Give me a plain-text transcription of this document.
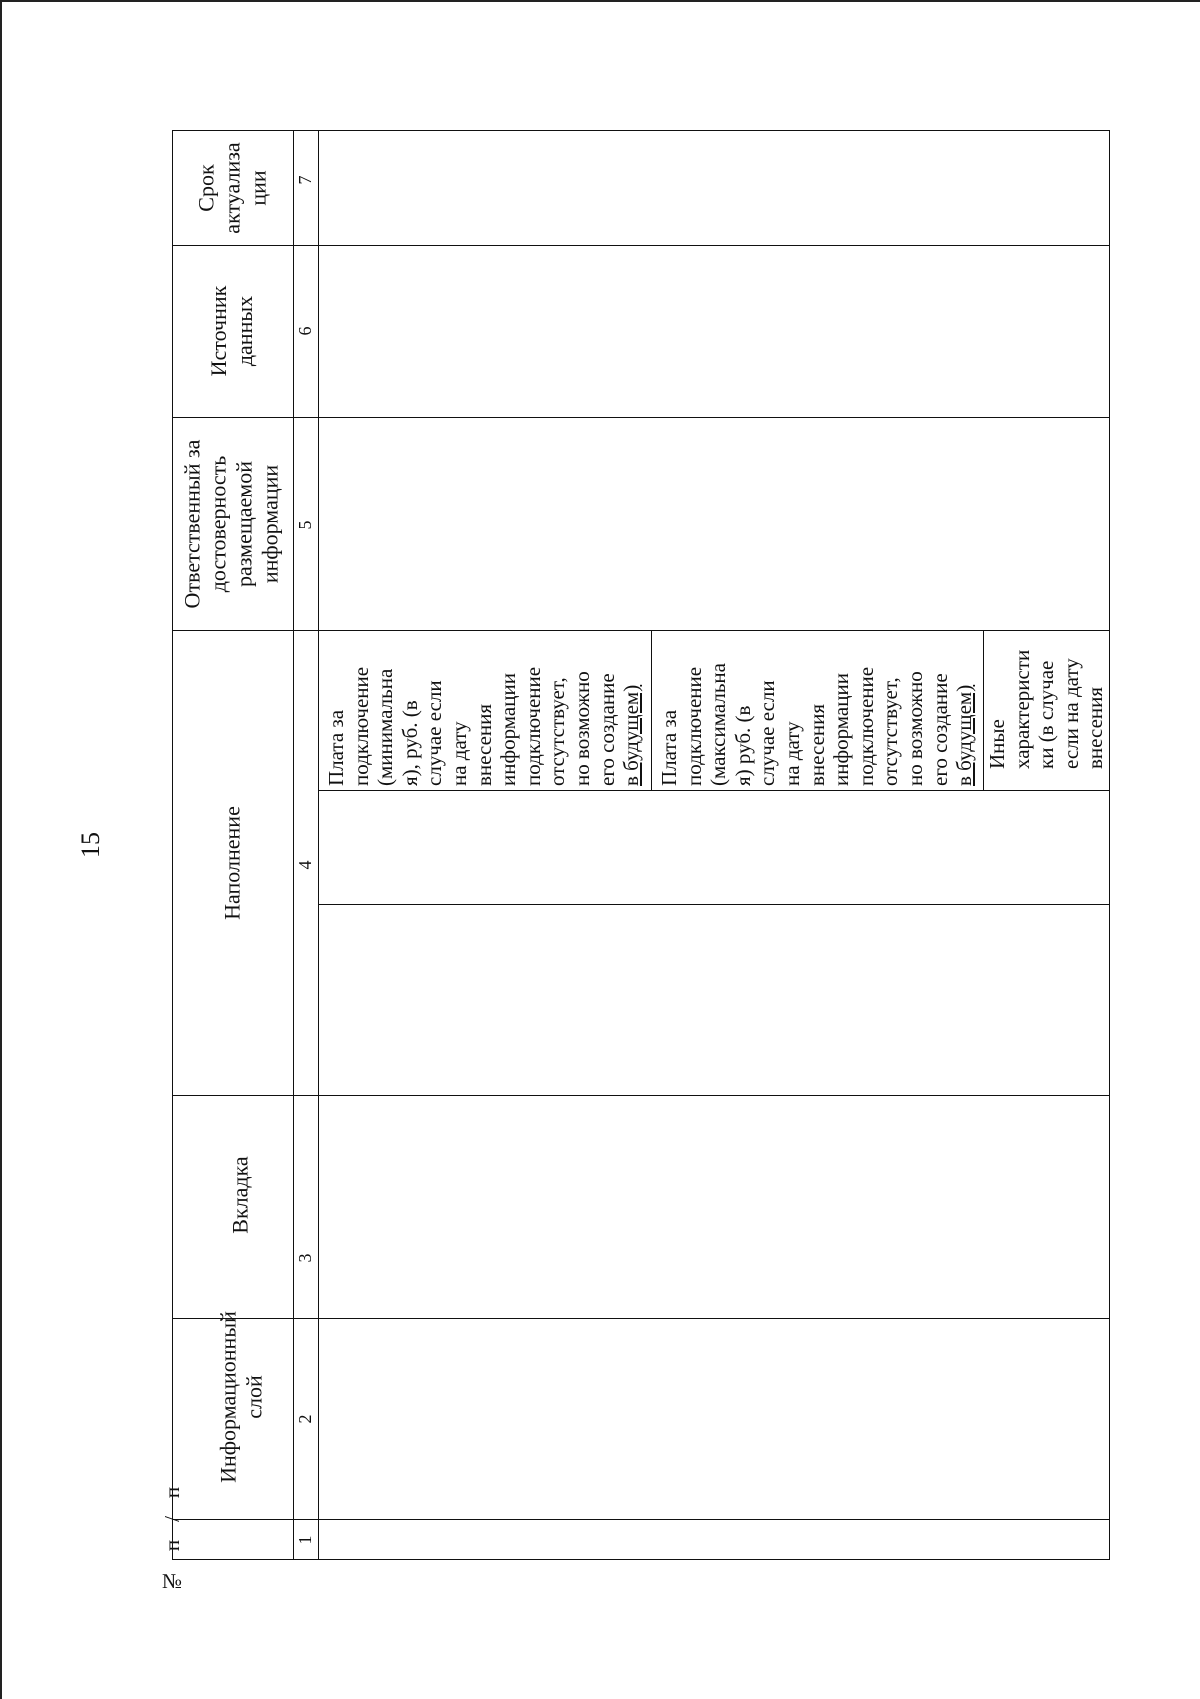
15
№
п
/
п
Информационный слой
Вкладка
Наполнение
Ответственный за достоверность размещаемой информации
Источник данных
Срок актуализа ции
1
2
3
4
5
6
7
Плата за подключение (минимальна я), руб. (в случае если на дату внесения информации подключение отсутствует, но возможно его создание в будущем) Плата за подключение (максимальна я) руб. (в случае если на дату внесения информации подключение отсутствует, но возможно его создание в будущем) Иные характеристи ки (в случае если на дату внесения
